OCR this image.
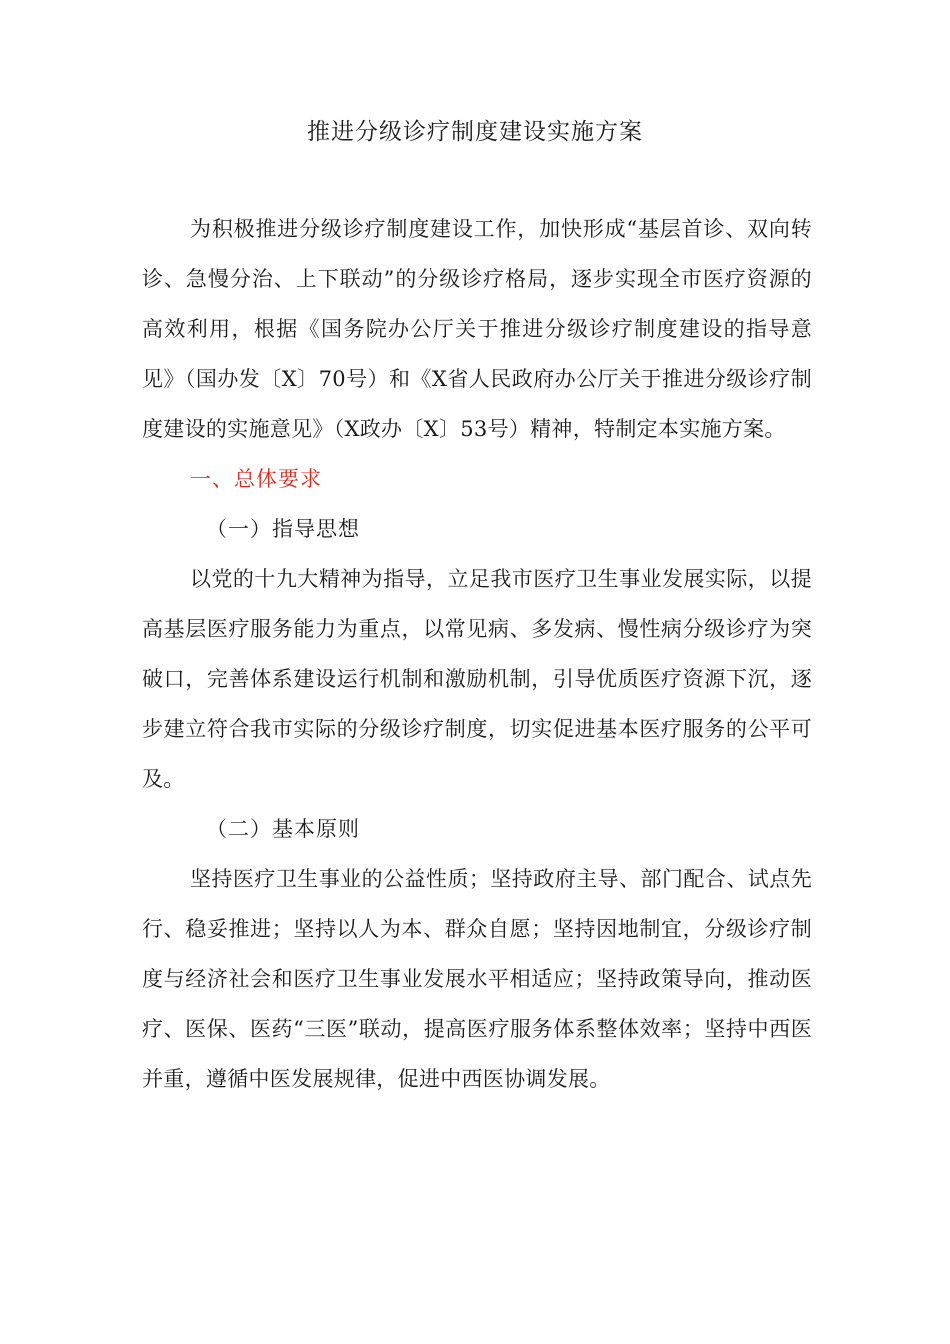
推进分级诊疗制度建设实施方案

为积极推进分级诊疗制度建设工作，加快形成“基层首诊、双向转诊、急慢分治、上下联动”的分级诊疗格局，逐步实现全市医疗资源的高效利用，根据《国务院办公厅关于推进分级诊疗制度建设的指导意见》（国办发〔X〕70号）和《X省人民政府办公厅关于推进分级诊疗制度建设的实施意见》（X政办〔X〕53号）精神，特制定本实施方案。

一、总体要求

（一）指导思想

以党的十九大精神为指导，立足我市医疗卫生事业发展实际，以提高基层医疗服务能力为重点，以常见病、多发病、慢性病分级诊疗为突破口，完善体系建设运行机制和激励机制，引导优质医疗资源下沉，逐步建立符合我市实际的分级诊疗制度，切实促进基本医疗服务的公平可及。

（二）基本原则

坚持医疗卫生事业的公益性质；坚持政府主导、部门配合、试点先行、稳妥推进；坚持以人为本、群众自愿；坚持因地制宜，分级诊疗制度与经济社会和医疗卫生事业发展水平相适应；坚持政策导向，推动医疗、医保、医药“三医”联动，提高医疗服务体系整体效率；坚持中西医并重，遵循中医发展规律，促进中西医协调发展。
